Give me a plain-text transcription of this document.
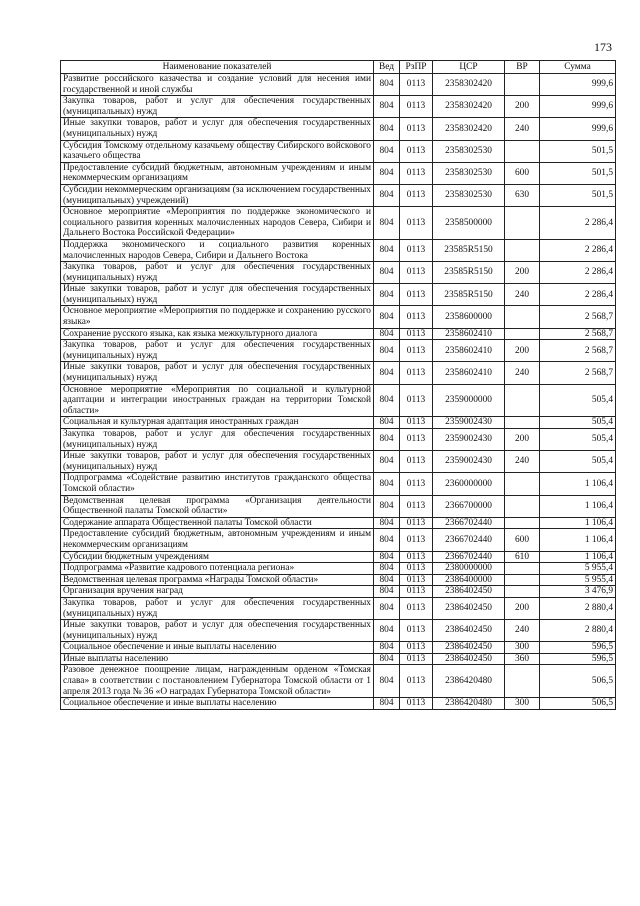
173
Наименование показателей	Вед	РзПР	ЦСР	ВР	Сумма
Развитие российского казачества и создание условий для несения ими государственной и иной службы	804	0113	2358302420		999,6
Закупка товаров, работ и услуг для обеспечения государственных (муниципальных) нужд	804	0113	2358302420	200	999,6
Иные закупки товаров, работ и услуг для обеспечения государственных (муниципальных) нужд	804	0113	2358302420	240	999,6
Субсидия Томскому отдельному казачьему обществу Сибирского войскового казачьего общества	804	0113	2358302530		501,5
Предоставление субсидий бюджетным, автономным учреждениям и иным некоммерческим организациям	804	0113	2358302530	600	501,5
Субсидии некоммерческим организациям (за исключением государственных (муниципальных) учреждений)	804	0113	2358302530	630	501,5
Основное мероприятие «Мероприятия по поддержке экономического и социального развития коренных малочисленных народов Севера, Сибири и Дальнего Востока Российской Федерации»	804	0113	2358500000		2 286,4
Поддержка экономического и социального развития коренных малочисленных народов Севера, Сибири и Дальнего Востока	804	0113	23585R5150		2 286,4
Закупка товаров, работ и услуг для обеспечения государственных (муниципальных) нужд	804	0113	23585R5150	200	2 286,4
Иные закупки товаров, работ и услуг для обеспечения государственных (муниципальных) нужд	804	0113	23585R5150	240	2 286,4
Основное мероприятие «Мероприятия по поддержке и сохранению русского языка»	804	0113	2358600000		2 568,7
Сохранение русского языка, как языка межкультурного диалога	804	0113	2358602410		2 568,7
Закупка товаров, работ и услуг для обеспечения государственных (муниципальных) нужд	804	0113	2358602410	200	2 568,7
Иные закупки товаров, работ и услуг для обеспечения государственных (муниципальных) нужд	804	0113	2358602410	240	2 568,7
Основное мероприятие «Мероприятия по социальной и культурной адаптации и интеграции иностранных граждан на территории Томской области»	804	0113	2359000000		505,4
Социальная и культурная адаптация иностранных граждан	804	0113	2359002430		505,4
Закупка товаров, работ и услуг для обеспечения государственных (муниципальных) нужд	804	0113	2359002430	200	505,4
Иные закупки товаров, работ и услуг для обеспечения государственных (муниципальных) нужд	804	0113	2359002430	240	505,4
Подпрограмма «Содействие развитию институтов гражданского общества Томской области»	804	0113	2360000000		1 106,4
Ведомственная целевая программа «Организация деятельности Общественной палаты Томской области»	804	0113	2366700000		1 106,4
Содержание аппарата Общественной палаты Томской области	804	0113	2366702440		1 106,4
Предоставление субсидий бюджетным, автономным учреждениям и иным некоммерческим организациям	804	0113	2366702440	600	1 106,4
Субсидии бюджетным учреждениям	804	0113	2366702440	610	1 106,4
Подпрограмма «Развитие кадрового потенциала региона»	804	0113	2380000000		5 955,4
Ведомственная целевая программа «Награды Томской области»	804	0113	2386400000		5 955,4
Организация вручения наград	804	0113	2386402450		3 476,9
Закупка товаров, работ и услуг для обеспечения государственных (муниципальных) нужд	804	0113	2386402450	200	2 880,4
Иные закупки товаров, работ и услуг для обеспечения государственных (муниципальных) нужд	804	0113	2386402450	240	2 880,4
Социальное обеспечение и иные выплаты населению	804	0113	2386402450	300	596,5
Иные выплаты населению	804	0113	2386402450	360	596,5
Разовое денежное поощрение лицам, награжденным орденом «Томская слава» в соответствии с постановлением Губернатора Томской области от 1 апреля 2013 года № 36 «О наградах Губернатора Томской области»	804	0113	2386420480		506,5
Социальное обеспечение и иные выплаты населению	804	0113	2386420480	300	506,5
